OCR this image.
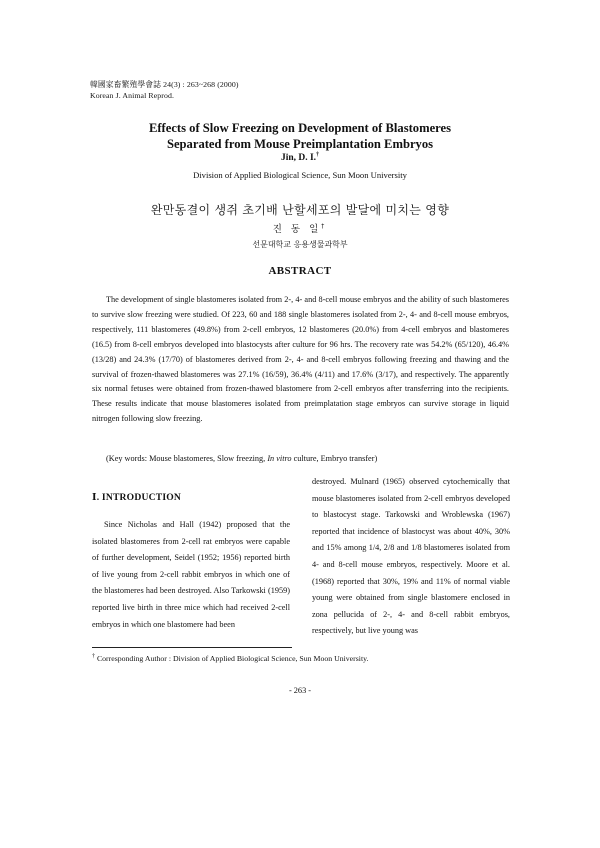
韓國家畜繁殖學會誌 24(3) : 263~268 (2000)
Korean J. Animal Reprod.
Effects of Slow Freezing on Development of Blastomeres
Separated from Mouse Preimplantation Embryos
Jin, D. I.†
Division of Applied Biological Science, Sun Moon University
완만동결이 생쥐 초기배 난할세포의 발달에 미치는 영향
진 동 일†
선문대학교 응용생물과학부
ABSTRACT

The development of single blastomeres isolated from 2-, 4- and 8-cell mouse embryos and the ability of such blastomeres to survive slow freezing were studied. Of 223, 60 and 188 single blastomeres isolated from 2-, 4- and 8-cell mouse embryos, respectively, 111 blastomeres (49.8%) from 2-cell embryos, 12 blastomeres (20.0%) from 4-cell embryos and blastomeres (16.5) from 8-cell embryos developed into blastocysts after culture for 96 hrs. The recovery rate was 54.2% (65/120), 46.4% (13/28) and 24.3% (17/70) of blastomeres derived from 2-, 4- and 8-cell embryos following freezing and thawing and the survival of frozen-thawed blastomeres was 27.1% (16/59), 36.4% (4/11) and 17.6% (3/17), and respectively. The apparently six normal fetuses were obtained from frozen-thawed blastomere from 2-cell embryos after transferring into the recipients. These results indicate that mouse blastomeres isolated from preimplatation stage embryos can survive storage in liquid nitrogen following slow freezing.

(Key words: Mouse blastomeres, Slow freezing, In vitro culture, Embryo transfer)
Ⅰ. INTRODUCTION

Since Nicholas and Hall (1942) proposed that the isolated blastomeres from 2-cell rat embryos were capable of further development, Seidel (1952; 1956) reported birth of live young from 2-cell rabbit embryos in which one of the blastomeres had been destroyed. Also Tarkowski (1959) reported live birth in three mice which had received 2-cell embryos in which one blastomere had been

destroyed. Mulnard (1965) observed cytochemically that mouse blastomeres isolated from 2-cell embryos developed to blastocyst stage. Tarkowski and Wroblewska (1967) reported that incidence of blastocyst was about 40%, 30% and 15% among 1/4, 2/8 and 1/8 blastomeres isolated from 4- and 8-cell mouse embryos, respectively. Moore et al. (1968) reported that 30%, 19% and 11% of normal viable young were obtained from single blastomere enclosed in zona pellucida of 2-, 4- and 8-cell rabbit embryos, respectively, but live young was

† Corresponding Author : Division of Applied Biological Science, Sun Moon University.
- 263 -
